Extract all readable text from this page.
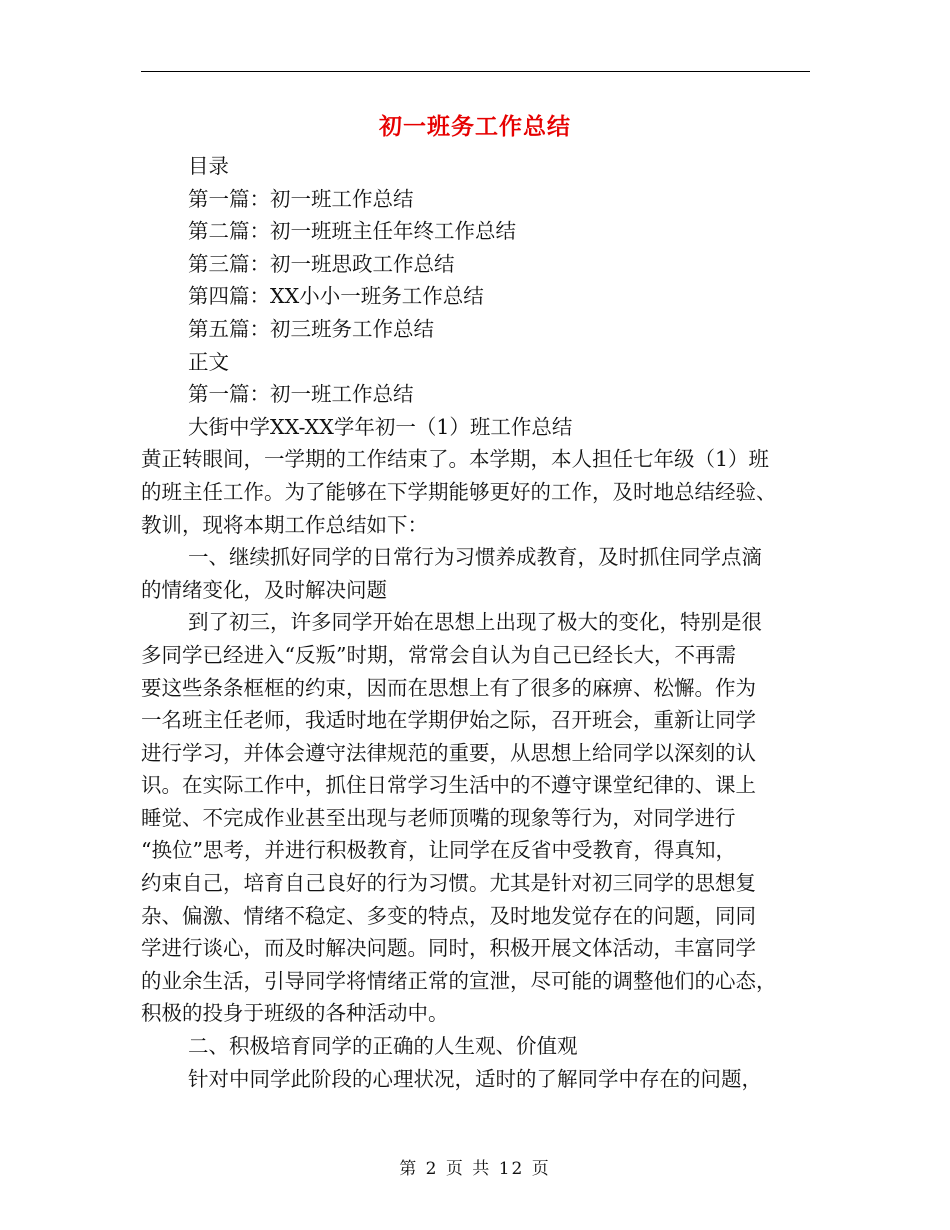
初一班务工作总结
目录
第一篇：初一班工作总结
第二篇：初一班班主任年终工作总结
第三篇：初一班思政工作总结
第四篇：XX小小一班务工作总结
第五篇：初三班务工作总结
正文
第一篇：初一班工作总结
大街中学XX-XX学年初一（1）班工作总结
黄正转眼间，一学期的工作结束了。本学期，本人担任七年级（1）班
的班主任工作。为了能够在下学期能够更好的工作，及时地总结经验、
教训，现将本期工作总结如下：
一、继续抓好同学的日常行为习惯养成教育，及时抓住同学点滴
的情绪变化，及时解决问题
到了初三，许多同学开始在思想上出现了极大的变化，特别是很
多同学已经进入“反叛”时期，常常会自认为自己已经长大，不再需
要这些条条框框的约束，因而在思想上有了很多的麻痹、松懈。作为
一名班主任老师，我适时地在学期伊始之际，召开班会，重新让同学
进行学习，并体会遵守法律规范的重要，从思想上给同学以深刻的认
识。在实际工作中，抓住日常学习生活中的不遵守课堂纪律的、课上
睡觉、不完成作业甚至出现与老师顶嘴的现象等行为，对同学进行
“换位”思考，并进行积极教育，让同学在反省中受教育，得真知，
约束自己，培育自己良好的行为习惯。尤其是针对初三同学的思想复
杂、偏激、情绪不稳定、多变的特点，及时地发觉存在的问题，同同
学进行谈心，而及时解决问题。同时，积极开展文体活动，丰富同学
的业余生活，引导同学将情绪正常的宣泄，尽可能的调整他们的心态，
积极的投身于班级的各种活动中。
二、积极培育同学的正确的人生观、价值观
针对中同学此阶段的心理状况，适时的了解同学中存在的问题，
第 2 页 共 12 页
